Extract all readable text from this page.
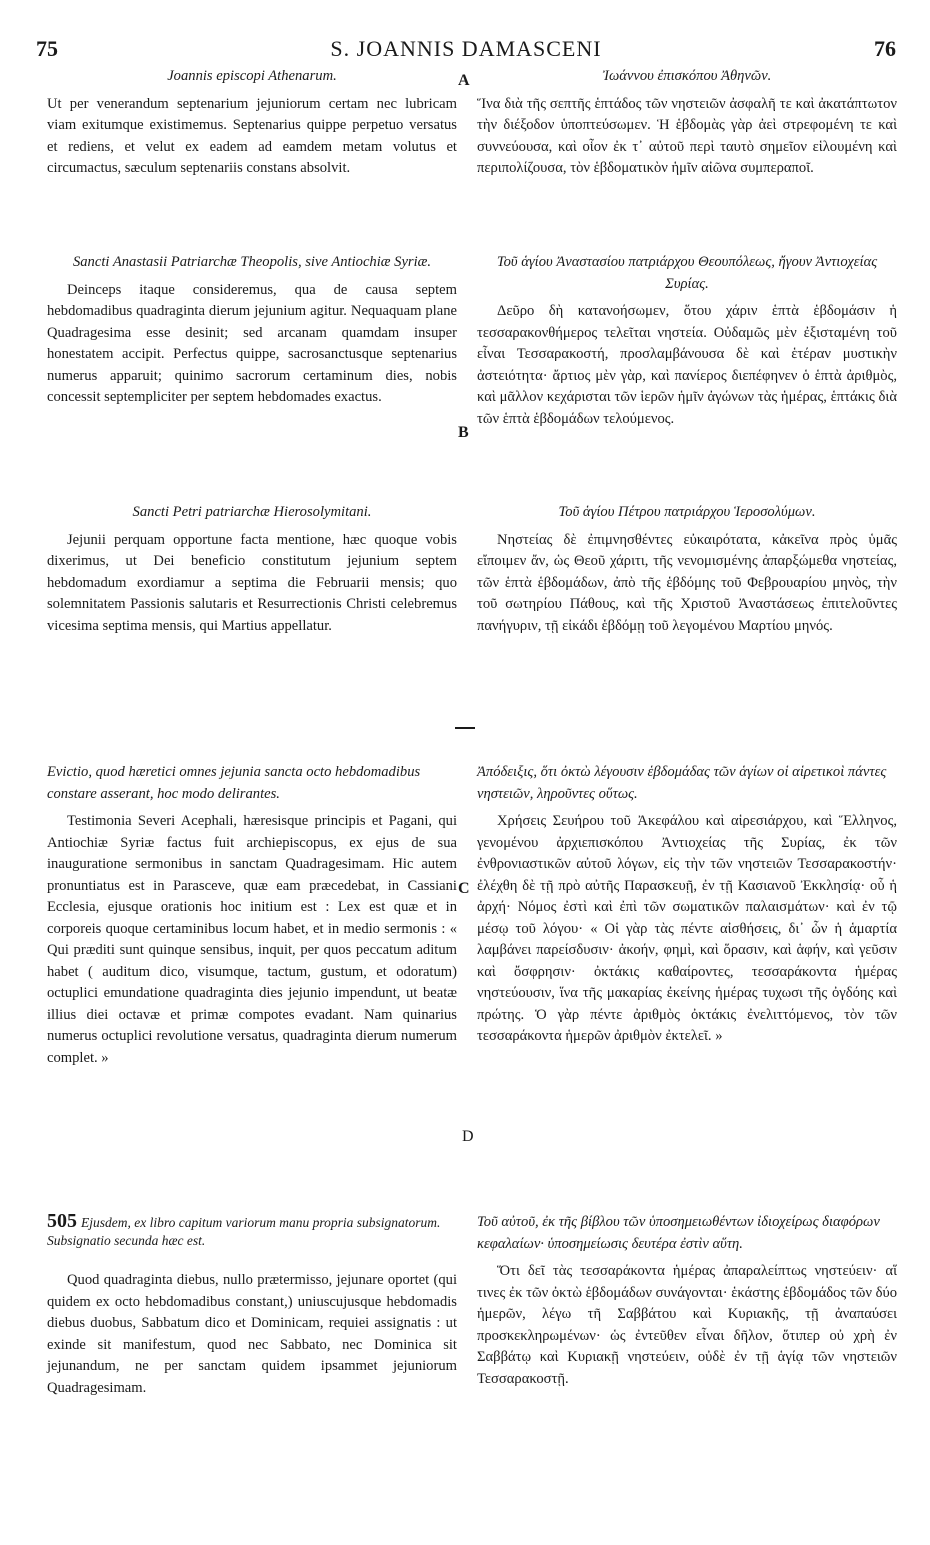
75	S. JOANNIS DAMASCENI	76
A
B
C
D

Joannis episcopi Athenarum.

Ut per venerandum septenarium jejuniorum certam nec lubricam viam exitumque existimemus. Septenarius quippe perpetuo versatus et rediens, et velut ex eadem ad eamdem metam volutus et circumactus, sæculum septenariis constans absolvit.

Sancti Anastasii Patriarchæ Theopolis, sive Antiochiæ Syriæ.

Deinceps itaque consideremus, qua de causa septem hebdomadibus quadraginta dierum jejunium agitur. Nequaquam plane Quadragesima esse desinit; sed arcanam quamdam insuper honestatem accipit. Perfectus quippe, sacrosanctusque septenarius numerus apparuit; quinimo sacrorum certaminum dies, nobis concessit septempliciter per septem hebdomades exactus.

Sancti Petri patriarchæ Hierosolymitani.

Jejunii perquam opportune facta mentione, hæc quoque vobis dixerimus, ut Dei beneficio constitutum jejunium septem hebdomadum exordiamur a septima die Februarii mensis; quo solemnitatem Passionis salutaris et Resurrectionis Christi celebremus vicesima septima mensis, qui Martius appellatur.

Evictio, quod hæretici omnes jejunia sancta octo hebdomadibus constare asserant, hoc modo delirantes.

Testimonia Severi Acephali, hæresisque principis et Pagani, qui Antiochiæ Syriæ factus fuit archiepiscopus, ex ejus de sua inauguratione sermonibus in sanctam Quadragesimam. Hic autem pronuntiatus est in Parasceve, quæ eam præcedebat, in Cassiani Ecclesia, ejusque orationis hoc initium est : Lex est quæ et in corporeis quoque certaminibus locum habet, et in medio sermonis : « Qui præditi sunt quinque sensibus, inquit, per quos peccatum aditum habet ( auditum dico, visumque, tactum, gustum, et odoratum) octuplici emundatione quadraginta dies jejunio impendunt, ut beatæ illius diei octavæ et primæ compotes evadant. Nam quinarius numerus octuplici revolutione versatus, quadraginta dierum numerum complet. »

505 Ejusdem, ex libro capitum variorum manu propria subsignatorum. Subsignatio secunda hæc est.

Quod quadraginta diebus, nullo prætermisso, jejunare oportet (qui quidem ex octo hebdomadibus constant,) uniuscujusque hebdomadis diebus duobus, Sabbatum dico et Dominicam, requiei assignatis : ut exinde sit manifestum, quod nec Sabbato, nec Dominica sit jejunandum, ne per sanctam quidem ipsammet jejuniorum Quadragesimam.

Ἰωάννου ἐπισκόπου Ἀθηνῶν.

Ἵνα διὰ τῆς σεπτῆς ἑπτάδος τῶν νηστειῶν ἀσφαλῆ τε καὶ ἀκατάπτωτον τὴν διέξοδον ὑποπτεύσωμεν. Ἡ ἑβδομὰς γὰρ ἀεὶ στρεφομένη τε καὶ συννεύουσα, καὶ οἷον ἐκ τ᾽ αὐτοῦ περὶ ταυτὸ σημεῖον εἱλουμένη καὶ περιπολίζουσα, τὸν ἑβδοματικὸν ἡμῖν αἰῶνα συμπεραποῖ.

Τοῦ ἁγίου Ἀναστασίου πατριάρχου Θεουπόλεως, ἤγουν Ἀντιοχείας Συρίας.

Δεῦρο δὴ κατανοήσωμεν, ὅτου χάριν ἑπτὰ ἑβδομάσιν ἡ τεσσαρακονθήμερος τελεῖται νηστεία. Οὐδαμῶς μὲν ἐξισταμένη τοῦ εἶναι Τεσσαρακοστή, προσλαμβάνουσα δὲ καὶ ἑτέραν μυστικὴν ἀστειότητα· ἄρτιος μὲν γὰρ, καὶ πανίερος διεπέφηνεν ὁ ἑπτὰ ἀριθμὸς, καὶ μᾶλλον κεχάρισται τῶν ἱερῶν ἡμῖν ἀγώνων τὰς ἡμέρας, ἑπτάκις διὰ τῶν ἑπτὰ ἑβδομάδων τελούμενος.

Τοῦ ἁγίου Πέτρου πατριάρχου Ἱεροσολύμων.

Νηστείας δὲ ἐπιμνησθέντες εὐκαιρότατα, κἀκεῖνα πρὸς ὑμᾶς εἴποιμεν ἄν, ὡς Θεοῦ χάριτι, τῆς νενομισμένης ἀπαρξώμεθα νηστείας, τῶν ἑπτὰ ἑβδομάδων, ἀπὸ τῆς ἑβδόμης τοῦ Φεβρουαρίου μηνὸς, τὴν τοῦ σωτηρίου Πάθους, καὶ τῆς Χριστοῦ Ἀναστάσεως ἐπιτελοῦντες πανήγυριν, τῇ εἰκάδι ἑβδόμῃ τοῦ λεγομένου Μαρτίου μηνός.

Ἀπόδειξις, ὅτι ὀκτὼ λέγουσιν ἑβδομάδας τῶν ἁγίων οἱ αἱρετικοὶ πάντες νηστειῶν, ληροῦντες οὕτως.

Χρήσεις Σευήρου τοῦ Ἀκεφάλου καὶ αἱρεσιάρχου, καὶ Ἕλληνος, γενομένου ἀρχιεπισκόπου Ἀντιοχείας τῆς Συρίας, ἐκ τῶν ἐνθρονιαστικῶν αὐτοῦ λόγων, εἰς τὴν τῶν νηστειῶν Τεσσαρακοστήν· ἐλέχθη δὲ τῇ πρὸ αὐτῆς Παρασκευῇ, ἐν τῇ Κασιανοῦ Ἐκκλησίᾳ· οὗ ἡ ἀρχή· Νόμος ἐστὶ καὶ ἐπὶ τῶν σωματικῶν παλαισμάτων· καὶ ἐν τῷ μέσῳ τοῦ λόγου· « Οἱ γὰρ τὰς πέντε αἰσθήσεις, δι᾽ ὧν ἡ ἁμαρτία λαμβάνει παρείσδυσιν· ἀκοήν, φημὶ, καὶ ὅρασιν, καὶ ἁφήν, καὶ γεῦσιν καὶ ὄσφρησιν· ὀκτάκις καθαίροντες, τεσσαράκοντα ἡμέρας νηστεύουσιν, ἵνα τῆς μακαρίας ἐκείνης ἡμέρας τυχωσι τῆς ὀγδόης καὶ πρώτης. Ὁ γὰρ πέντε ἀριθμὸς ὀκτάκις ἐνελιττόμενος, τὸν τῶν τεσσαράκοντα ἡμερῶν ἀριθμὸν ἐκτελεῖ. »

Τοῦ αὐτοῦ, ἐκ τῆς βίβλου τῶν ὑποσημειωθέντων ἰδιοχείρως διαφόρων κεφαλαίων· ὑποσημείωσις δευτέρα ἐστὶν αὕτη.

Ὅτι δεῖ τὰς τεσσαράκοντα ἡμέρας ἀπαραλείπτως νηστεύειν· αἵ τινες ἐκ τῶν ὀκτὼ ἑβδομάδων συνάγονται· ἑκάστης ἑβδομάδος τῶν δύο ἡμερῶν, λέγω τῆ Σαββάτου καὶ Κυριακῆς, τῇ ἀναπαύσει προσκεκληρωμένων· ὡς ἐντεῦθεν εἶναι δῆλον, ὅτιπερ οὐ χρὴ ἐν Σαββάτῳ καὶ Κυριακῇ νηστεύειν, οὐδὲ ἐν τῇ ἁγίᾳ τῶν νηστειῶν Τεσσαρακοστῇ.
